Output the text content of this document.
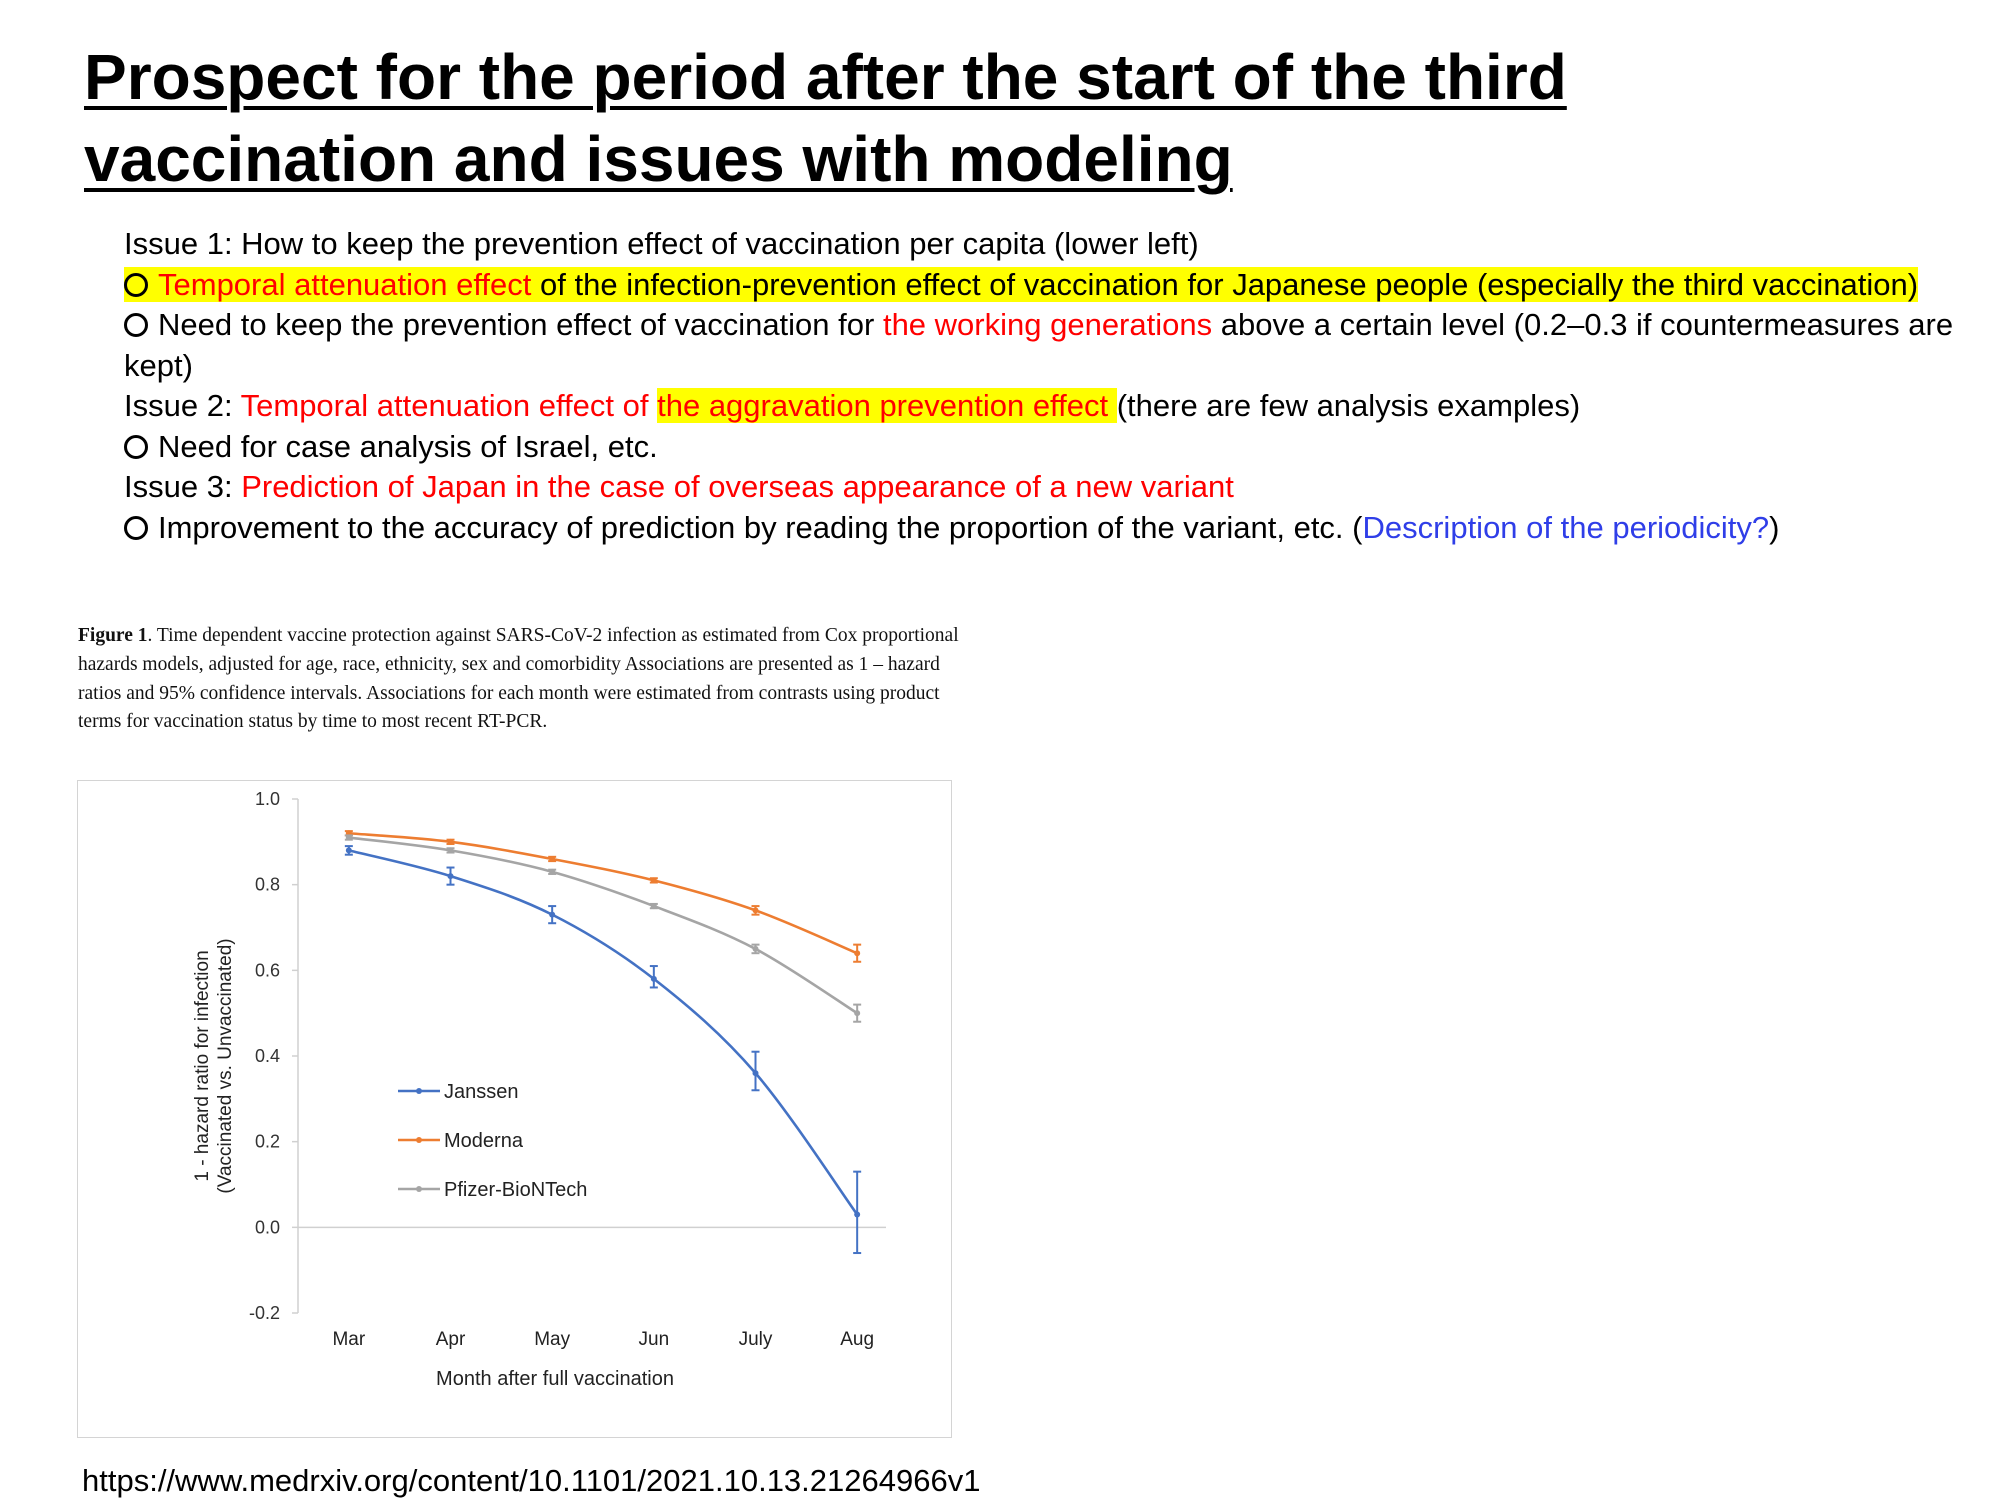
Prospect for the period after the start of the third vaccination and issues with modeling
Issue 1: How to keep the prevention effect of vaccination per capita (lower left)
Temporal attenuation effect of the infection-prevention effect of vaccination for Japanese people (especially the third vaccination)
Need to keep the prevention effect of vaccination for the working generations above a certain level (0.2–0.3 if countermeasures are kept)
Issue 2: Temporal attenuation effect of the aggravation prevention effect (there are few analysis examples)
Need for case analysis of Israel, etc.
Issue 3: Prediction of Japan in the case of overseas appearance of a new variant
Improvement to the accuracy of prediction by reading the proportion of the variant, etc. (Description of the periodicity?)
Figure 1. Time dependent vaccine protection against SARS-CoV-2 infection as estimated from Cox proportional hazards models, adjusted for age, race, ethnicity, sex and comorbidity Associations are presented as 1 – hazard ratios and 95% confidence intervals. Associations for each month were estimated from contrasts using product terms for vaccination status by time to most recent RT-PCR.
-0.2
0.0
0.2
0.4
0.6
0.8
1.0
Mar	Apr	May	Jun	July	Aug
Month after full vaccination
1 - hazard ratio for infection (Vaccinated vs. Unvaccinated)	Janssen
Moderna
Pfizer-BioNTech
https://www.medrxiv.org/content/10.1101/2021.10.13.21264966v1
